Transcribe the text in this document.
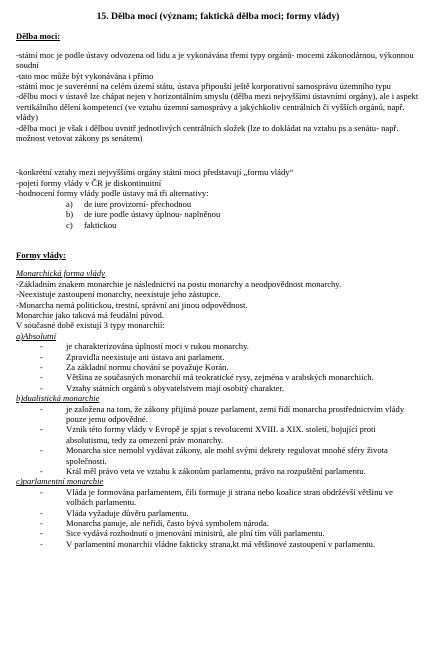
15. Dělba moci (význam; faktická dělba moci; formy vlády)
Dělba moci:

-státní moc je podle ústavy odvozena od lidu a je vykonávána třemi typy orgánů- mocemi zákonodárnou, výkonnou soudní

-tato moc může být vykonávána i přímo

-státní moc je suverénní na celém území státu, ústava připouští ještě korporativní samosprávu územního typu

-dělbu moci v ústavě lze chápat nejen v horizontálním smyslu (dělba mezi nejvyššími ústavními orgány), ale i aspekt vertikálního dělení kompetencí (ve vztahu územní samosprávy a jakýchkoliv centrálních či vyšších orgánů, např. vlády)

-dělba moci je však i dělbou uvnitř jednotlivých centrálních složek (lze to dokládat na vztahu ps a senátu- např. možnost vetovat zákony ps senátem)

-konkrétní vztahy mezi nejvyššími orgány státní moci představují „formu vlády“

-pojetí formy vlády v ČR je diskontinuitní

-hodnocení formy vlády podle ústavy má tři alternativy:

a) de iure provizorní- přechodnou
b) de iure podle ústavy úplnou- naplněnou
c) faktickou
Formy vlády:
Monarchická forma vlády

-Základním znakem monarchie je následnictví na postu monarchy a neodpovědnost monarchy.

-Neexistuje zastoupení monarchy, neexistuje jeho zástupce.

-Monarcha nemá politickou, trestní, správní ani jinou odpovědnost.

Monarchie jako taková má feudální původ.

V současné době existují 3 typy monarchií:

a)Absolutní
- je charakterizována úplností moci v rukou monarchy.
- Zpravidla neexistuje ani ústava ani parlament.
- Za základní normu chování se považuje Korán.
- Většina ze současných monarchií má teokratické rysy, zejména v arabských monarchiích.
- Vztahy státních orgánů s obyvatelstvem mají osobitý charakter.
b)dualistická monarchie
- je založena na tom, že zákony přijímá pouze parlament, zemi řídí monarcha prostřednictvím vlády pouze jemu odpovědné.
- Vznik této formy vlády v Evropě je spjat s revolucemi XVIII. a XIX. století, bojující proti absolutismu, tedy za omezení práv monarchy.
- Monarcha sice nemohl vydávat zákony, ale mohl svými dekrety regulovat mnohé sféry života společnosti.
- Král měl právo veta ve vztahu k zákonům parlamentu, právo na rozpuštění parlamentu.
c)parlamentní monarchie
- Vláda je formována parlamentem, čili formuje ji strana nebo koalice stran obdržévší většinu ve volbách parlamentu.
- Vláda vyžaduje důvěru parlamentu.
- Monarcha panuje, ale neřídí, často bývá symbolem národa.
- Sice vydává rozhodnutí o jmenování ministrů, ale plní tím vůli parlamentu.
- V parlamentní monarchii vládne fakticky strana,kt má většinové zastoupení v parlamentu.
